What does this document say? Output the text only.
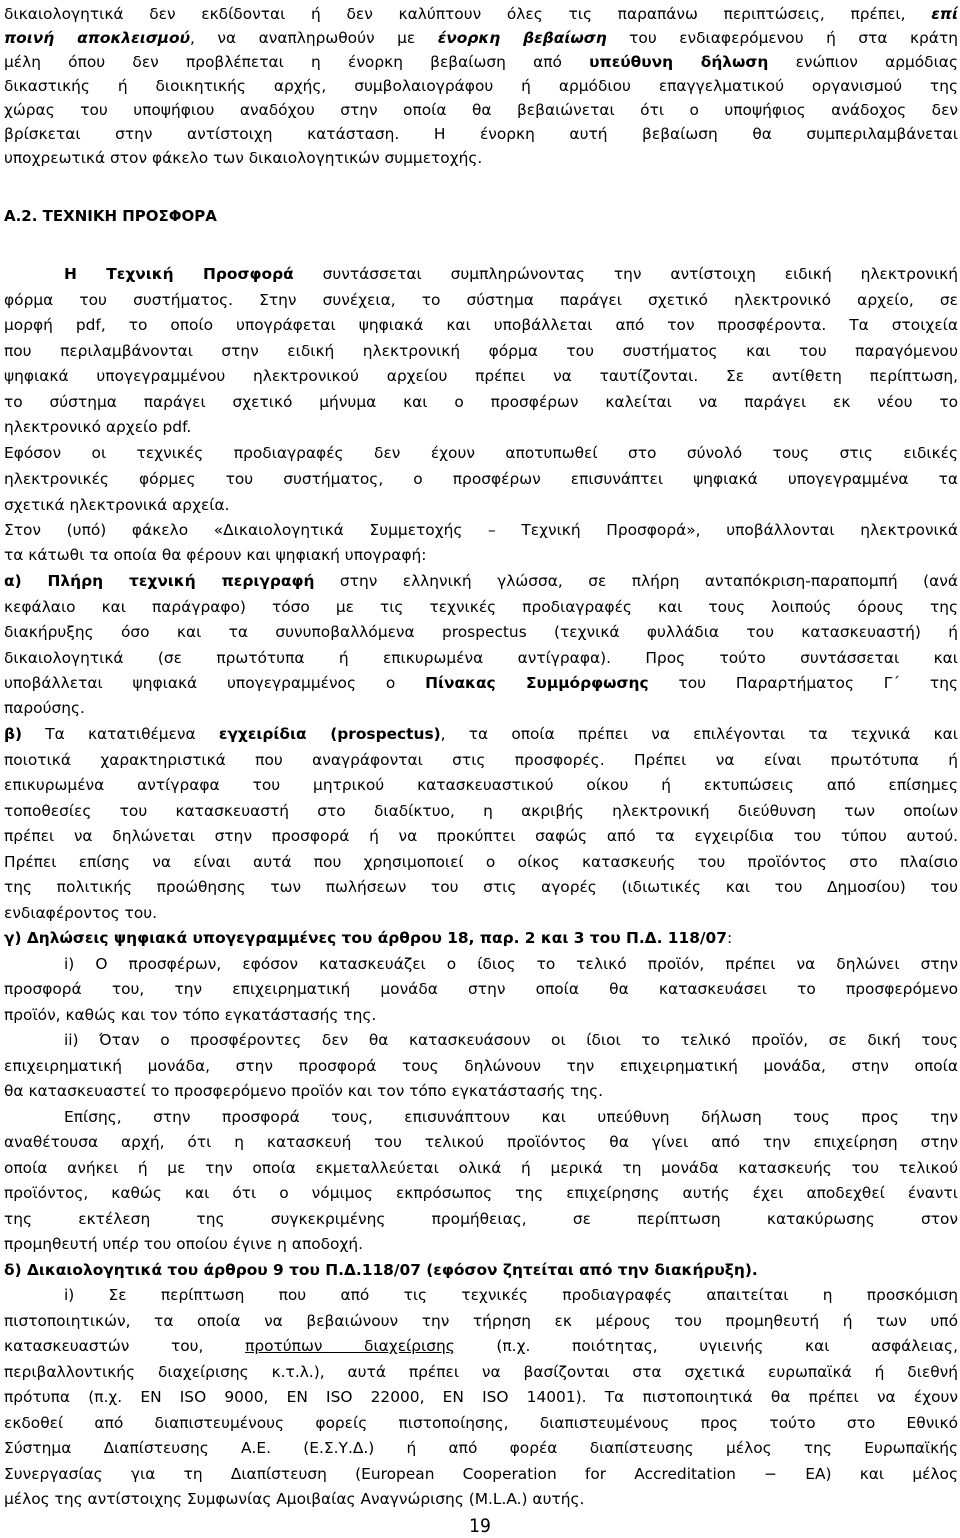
δικαιολογητικά δεν εκδίδονται ή δεν καλύπτουν όλες τις παραπάνω περιπτώσεις, πρέπει, επί
ποινή αποκλεισμού, να αναπληρωθούν με ένορκη βεβαίωση του ενδιαφερόμενου ή στα κράτη
μέλη όπου δεν προβλέπεται η ένορκη βεβαίωση από υπεύθυνη δήλωση ενώπιον αρμόδιας
δικαστικής ή διοικητικής αρχής, συμβολαιογράφου ή αρμόδιου επαγγελματικού οργανισμού της
χώρας του υποψήφιου αναδόχου στην οποία θα βεβαιώνεται ότι ο υποψήφιος ανάδοχος δεν
βρίσκεται στην αντίστοιχη κατάσταση. Η ένορκη αυτή βεβαίωση θα συμπεριλαμβάνεται
υποχρεωτικά στον φάκελο των δικαιολογητικών συμμετοχής.
Α.2. ΤΕΧΝΙΚΗ ΠΡΟΣΦΟΡΑ
Η Τεχνική Προσφορά συντάσσεται συμπληρώνοντας την αντίστοιχη ειδική ηλεκτρονική
φόρμα του συστήματος. Στην συνέχεια, το σύστημα παράγει σχετικό ηλεκτρονικό αρχείο, σε
μορφή pdf, το οποίο υπογράφεται ψηφιακά και υποβάλλεται από τον προσφέροντα. Τα στοιχεία
που περιλαμβάνονται στην ειδική ηλεκτρονική φόρμα του συστήματος και του παραγόμενου
ψηφιακά υπογεγραμμένου ηλεκτρονικού αρχείου πρέπει να ταυτίζονται. Σε αντίθετη περίπτωση,
το σύστημα παράγει σχετικό μήνυμα και ο προσφέρων καλείται να παράγει εκ νέου το
ηλεκτρονικό αρχείο pdf.
Εφόσον οι τεχνικές προδιαγραφές δεν έχουν αποτυπωθεί στο σύνολό τους στις ειδικές
ηλεκτρονικές φόρμες του συστήματος, ο προσφέρων επισυνάπτει ψηφιακά υπογεγραμμένα τα
σχετικά ηλεκτρονικά αρχεία.
Στον (υπό) φάκελο «Δικαιολογητικά Συμμετοχής – Τεχνική Προσφορά», υποβάλλονται ηλεκτρονικά
τα κάτωθι τα οποία θα φέρουν και ψηφιακή υπογραφή:
α) Πλήρη τεχνική περιγραφή στην ελληνική γλώσσα, σε πλήρη ανταπόκριση-παραπομπή (ανά
κεφάλαιο και παράγραφο) τόσο με τις τεχνικές προδιαγραφές και τους λοιπούς όρους της
διακήρυξης όσο και τα συνυποβαλλόμενα prospectus (τεχνικά φυλλάδια του κατασκευαστή) ή
δικαιολογητικά (σε πρωτότυπα ή επικυρωμένα αντίγραφα). Προς τούτο συντάσσεται και
υποβάλλεται ψηφιακά υπογεγραμμένος ο Πίνακας Συμμόρφωσης του Παραρτήματος Γ΄ της
παρούσης.
β) Τα κατατιθέμενα εγχειρίδια (prospectus), τα οποία πρέπει να επιλέγονται τα τεχνικά και
ποιοτικά χαρακτηριστικά που αναγράφονται στις προσφορές. Πρέπει να είναι πρωτότυπα ή
επικυρωμένα αντίγραφα του μητρικού κατασκευαστικού οίκου ή εκτυπώσεις από επίσημες
τοποθεσίες του κατασκευαστή στο διαδίκτυο, η ακριβής ηλεκτρονική διεύθυνση των οποίων
πρέπει να δηλώνεται στην προσφορά ή να προκύπτει σαφώς από τα εγχειρίδια του τύπου αυτού.
Πρέπει επίσης να είναι αυτά που χρησιμοποιεί ο οίκος κατασκευής του προϊόντος στο πλαίσιο
της πολιτικής προώθησης των πωλήσεων του στις αγορές (ιδιωτικές και του Δημοσίου) του
ενδιαφέροντος του.
γ) Δηλώσεις ψηφιακά υπογεγραμμένες του άρθρου 18, παρ. 2 και 3 του Π.Δ. 118/07:
i) Ο προσφέρων, εφόσον κατασκευάζει ο ίδιος το τελικό προϊόν, πρέπει να δηλώνει στην
προσφορά του, την επιχειρηματική μονάδα στην οποία θα κατασκευάσει το προσφερόμενο
προϊόν, καθώς και τον τόπο εγκατάστασής της.
ii) Όταν ο προσφέροντες δεν θα κατασκευάσουν οι ίδιοι το τελικό προϊόν, σε δική τους
επιχειρηματική μονάδα, στην προσφορά τους δηλώνουν την επιχειρηματική μονάδα, στην οποία
θα κατασκευαστεί το προσφερόμενο προϊόν και τον τόπο εγκατάστασής της.
Επίσης, στην προσφορά τους, επισυνάπτουν και υπεύθυνη δήλωση τους προς την
αναθέτουσα αρχή, ότι η κατασκευή του τελικού προϊόντος θα γίνει από την επιχείρηση στην
οποία ανήκει ή με την οποία εκμεταλλεύεται ολικά ή μερικά τη μονάδα κατασκευής του τελικού
προϊόντος, καθώς και ότι ο νόμιμος εκπρόσωπος της επιχείρησης αυτής έχει αποδεχθεί έναντι
της εκτέλεση της συγκεκριμένης προμήθειας, σε περίπτωση κατακύρωσης στον
προμηθευτή υπέρ του οποίου έγινε η αποδοχή.
δ) Δικαιολογητικά του άρθρου 9 του Π.Δ.118/07 (εφόσον ζητείται από την διακήρυξη).
i) Σε περίπτωση που από τις τεχνικές προδιαγραφές απαιτείται η προσκόμιση
πιστοποιητικών, τα οποία να βεβαιώνουν την τήρηση εκ μέρους του προμηθευτή ή των υπό
κατασκευαστών του,	προτύπων διαχείρισης	(π.χ. ποιότητας, υγιεινής και ασφάλειας,
περιβαλλοντικής διαχείρισης κ.τ.λ.), αυτά πρέπει να βασίζονται στα σχετικά ευρωπαϊκά ή διεθνή
πρότυπα (π.χ. EN ISO 9000, EN ISO 22000, EN ISO 14001). Τα πιστοποιητικά θα πρέπει να έχουν
εκδοθεί από διαπιστευμένους φορείς πιστοποίησης, διαπιστευμένους προς τούτο στο Εθνικό
Σύστημα Διαπίστευσης Α.Ε. (Ε.Σ.Υ.Δ.) ή από φορέα διαπίστευσης μέλος της Ευρωπαϊκής
Συνεργασίας για τη Διαπίστευση (European Cooperation for Accreditation − EA) και μέλος
μέλος της αντίστοιχης Συμφωνίας Αμοιβαίας Αναγνώρισης (M.L.A.) αυτής.
19
